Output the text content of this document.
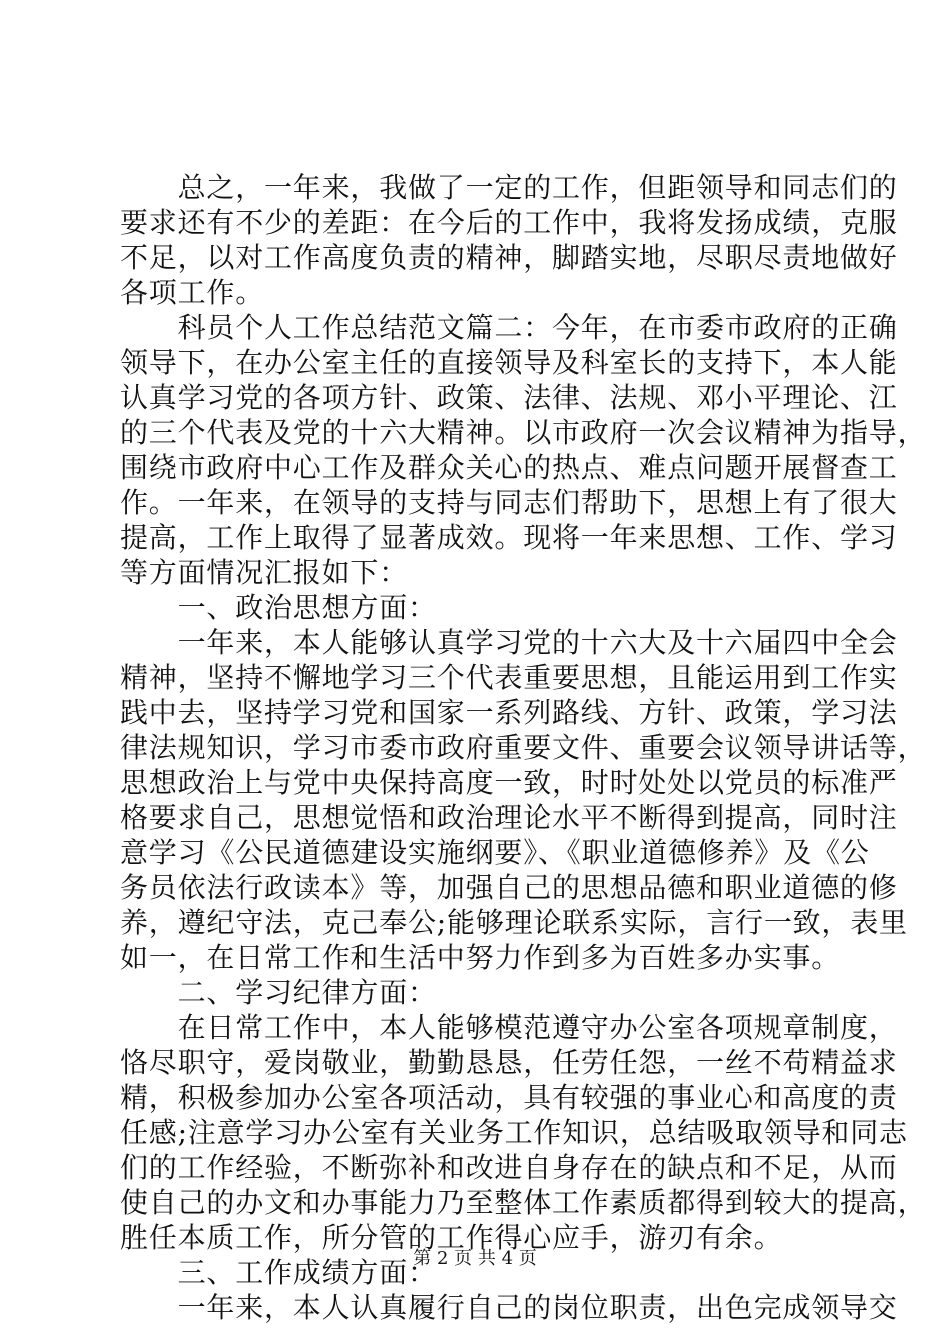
　　总之，一年来，我做了一定的工作，但距领导和同志们的
要求还有不少的差距：在今后的工作中，我将发扬成绩，克服
不足，以对工作高度负责的精神，脚踏实地，尽职尽责地做好
各项工作。
　　科员个人工作总结范文篇二：今年，在市委市政府的正确
领导下，在办公室主任的直接领导及科室长的支持下，本人能
认真学习党的各项方针、政策、法律、法规、邓小平理论、江
的三个代表及党的十六大精神。以市政府一次会议精神为指导，
围绕市政府中心工作及群众关心的热点、难点问题开展督查工
作。一年来，在领导的支持与同志们帮助下，思想上有了很大
提高，工作上取得了显著成效。现将一年来思想、工作、学习
等方面情况汇报如下：
　　一、政治思想方面：
　　一年来，本人能够认真学习党的十六大及十六届四中全会
精神，坚持不懈地学习三个代表重要思想，且能运用到工作实
践中去，坚持学习党和国家一系列路线、方针、政策，学习法
律法规知识，学习市委市政府重要文件、重要会议领导讲话等，
思想政治上与党中央保持高度一致，时时处处以党员的标准严
格要求自己，思想觉悟和政治理论水平不断得到提高，同时注
意学习《公民道德建设实施纲要》、《职业道德修养》及《公
务员依法行政读本》等，加强自己的思想品德和职业道德的修
养，遵纪守法，克己奉公;能够理论联系实际，言行一致，表里
如一，在日常工作和生活中努力作到多为百姓多办实事。
　　二、学习纪律方面：
　　在日常工作中，本人能够模范遵守办公室各项规章制度，
恪尽职守，爱岗敬业，勤勤恳恳，任劳任怨，一丝不苟精益求
精，积极参加办公室各项活动，具有较强的事业心和高度的责
任感;注意学习办公室有关业务工作知识，总结吸取领导和同志
们的工作经验，不断弥补和改进自身存在的缺点和不足，从而
使自己的办文和办事能力乃至整体工作素质都得到较大的提高，
胜任本质工作，所分管的工作得心应手，游刃有余。
　　三、工作成绩方面：
　　一年来，本人认真履行自己的岗位职责，出色完成领导交
第 2 页 共 4 页
